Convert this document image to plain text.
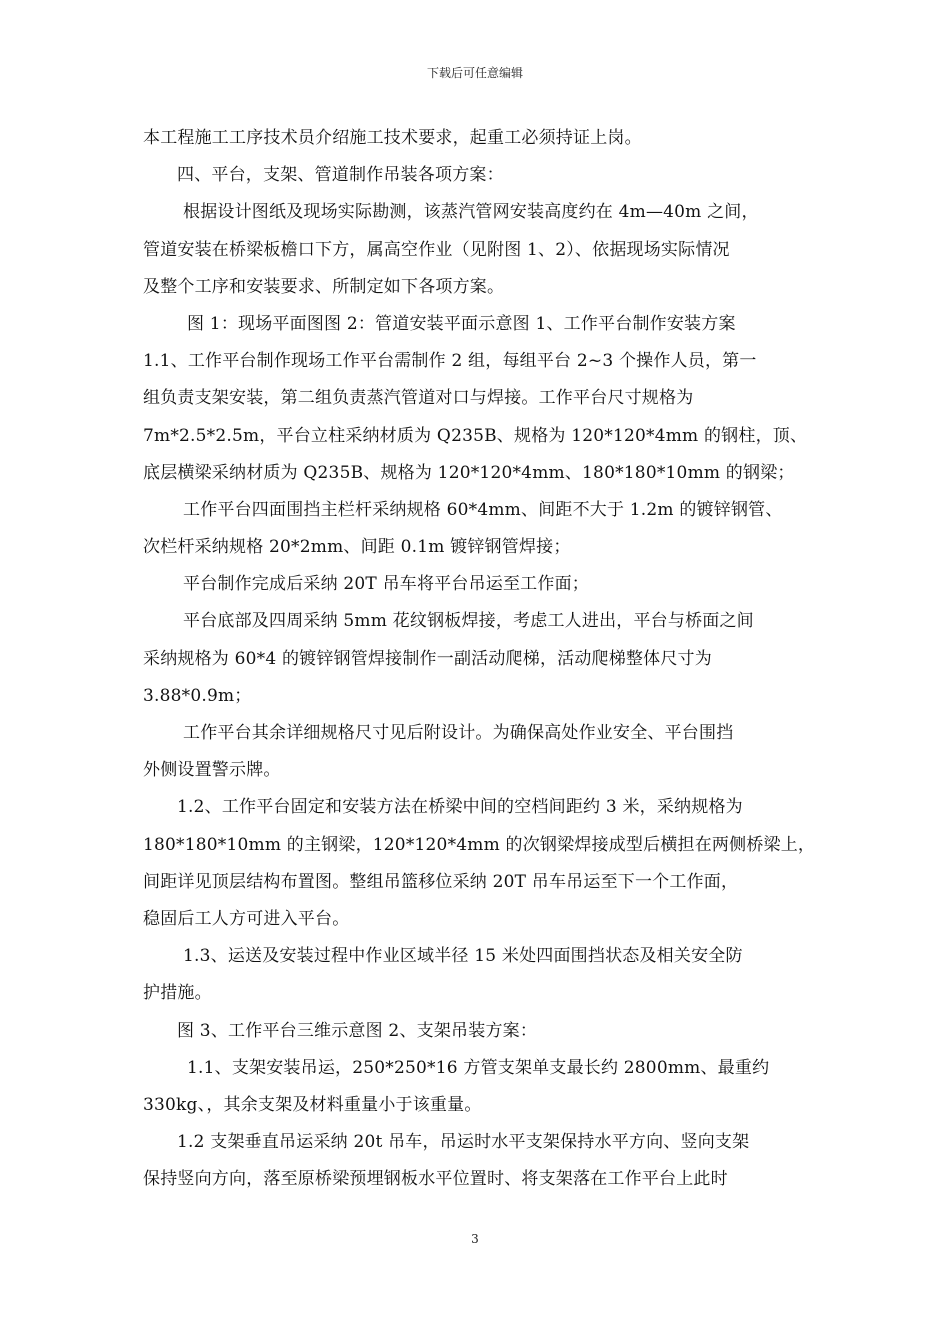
下载后可任意编辑
本工程施工工序技术员介绍施工技术要求，起重工必须持证上岗。
四、平台，支架、管道制作吊装各项方案：
根据设计图纸及现场实际勘测，该蒸汽管网安装高度约在 4m—40m 之间，
管道安装在桥梁板檐口下方，属高空作业（见附图 1、2）、依据现场实际情况
及整个工序和安装要求、所制定如下各项方案。
图 1：现场平面图图 2：管道安装平面示意图 1、工作平台制作安装方案
1.1、工作平台制作现场工作平台需制作 2 组，每组平台 2~3 个操作人员，第一
组负责支架安装，第二组负责蒸汽管道对口与焊接。工作平台尺寸规格为
7m*2.5*2.5m，平台立柱采纳材质为 Q235B、规格为 120*120*4mm 的钢柱，顶、
底层横梁采纳材质为 Q235B、规格为 120*120*4mm、180*180*10mm 的钢梁；
工作平台四面围挡主栏杆采纳规格 60*4mm、间距不大于 1.2m 的镀锌钢管、
次栏杆采纳规格 20*2mm、间距 0.1m 镀锌钢管焊接；
平台制作完成后采纳 20T 吊车将平台吊运至工作面；
平台底部及四周采纳 5mm 花纹钢板焊接，考虑工人进出，平台与桥面之间
采纳规格为 60*4 的镀锌钢管焊接制作一副活动爬梯，活动爬梯整体尺寸为
3.88*0.9m；
工作平台其余详细规格尺寸见后附设计。为确保高处作业安全、平台围挡
外侧设置警示牌。
1.2、工作平台固定和安装方法在桥梁中间的空档间距约 3 米，采纳规格为
180*180*10mm 的主钢梁，120*120*4mm 的次钢梁焊接成型后横担在两侧桥梁上，
间距详见顶层结构布置图。整组吊篮移位采纳 20T 吊车吊运至下一个工作面，
稳固后工人方可进入平台。
1.3、运送及安装过程中作业区域半径 15 米处四面围挡状态及相关安全防
护措施。
图 3、工作平台三维示意图 2、支架吊装方案：
1.1、支架安装吊运，250*250*16 方管支架单支最长约 2800mm、最重约
330kg、，其余支架及材料重量小于该重量。
1.2 支架垂直吊运采纳 20t 吊车，吊运时水平支架保持水平方向、竖向支架
保持竖向方向，落至原桥梁预埋钢板水平位置时、将支架落在工作平台上此时
3
